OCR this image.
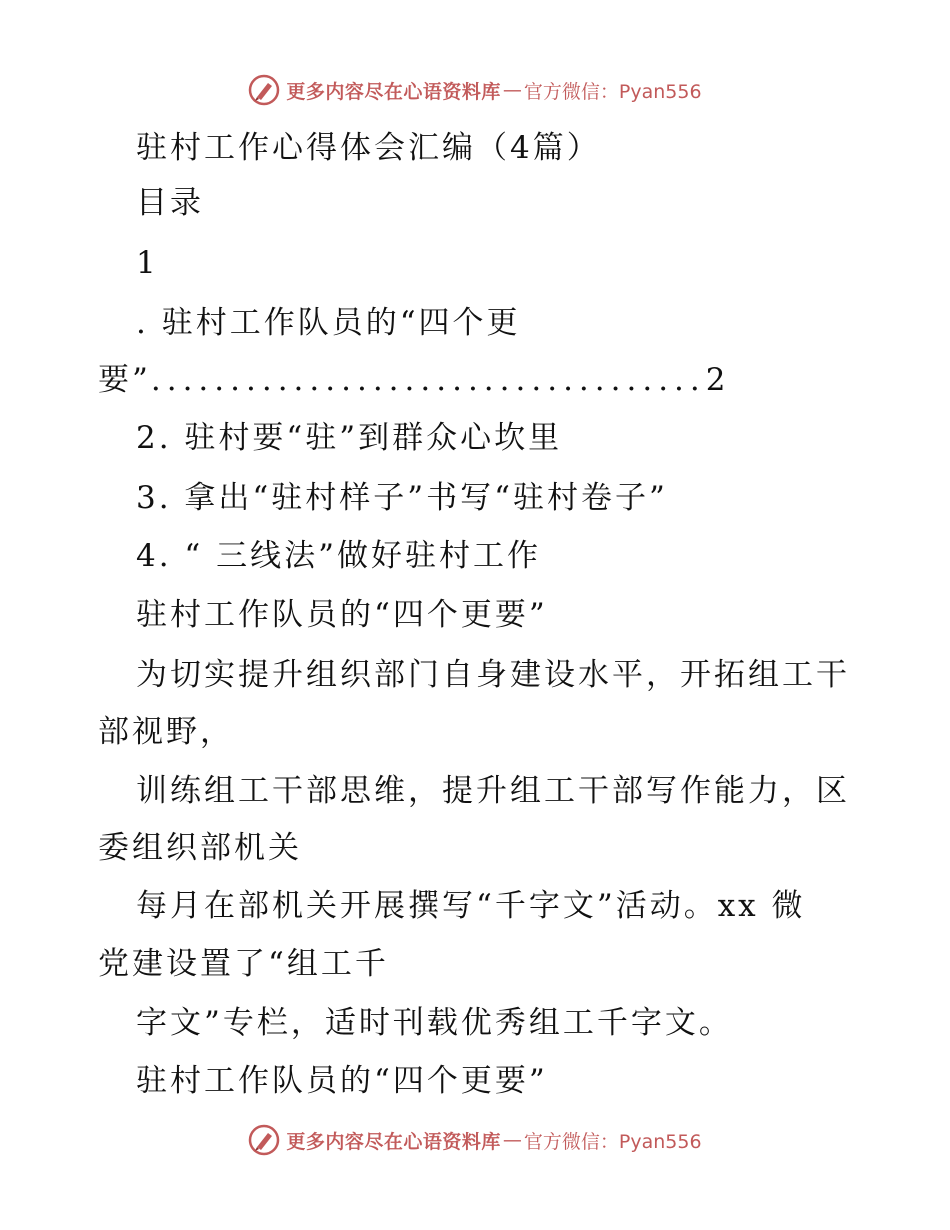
更多内容尽在心语资料库 — 官方微信：Pyan556
驻村工作心得体会汇编（4篇）
目录
1
. 驻村工作队员的“四个更
要”...................................2
2. 驻村要“驻”到群众心坎里
3. 拿出“驻村样子”书写“驻村卷子”
4. “ 三线法”做好驻村工作
驻村工作队员的“四个更要”
为切实提升组织部门自身建设水平，开拓组工干
部视野，
训练组工干部思维，提升组工干部写作能力，区
委组织部机关
每月在部机关开展撰写“千字文”活动。xx 微
党建设置了“组工千
字文”专栏，适时刊载优秀组工千字文。
驻村工作队员的“四个更要”
更多内容尽在心语资料库 — 官方微信：Pyan556
